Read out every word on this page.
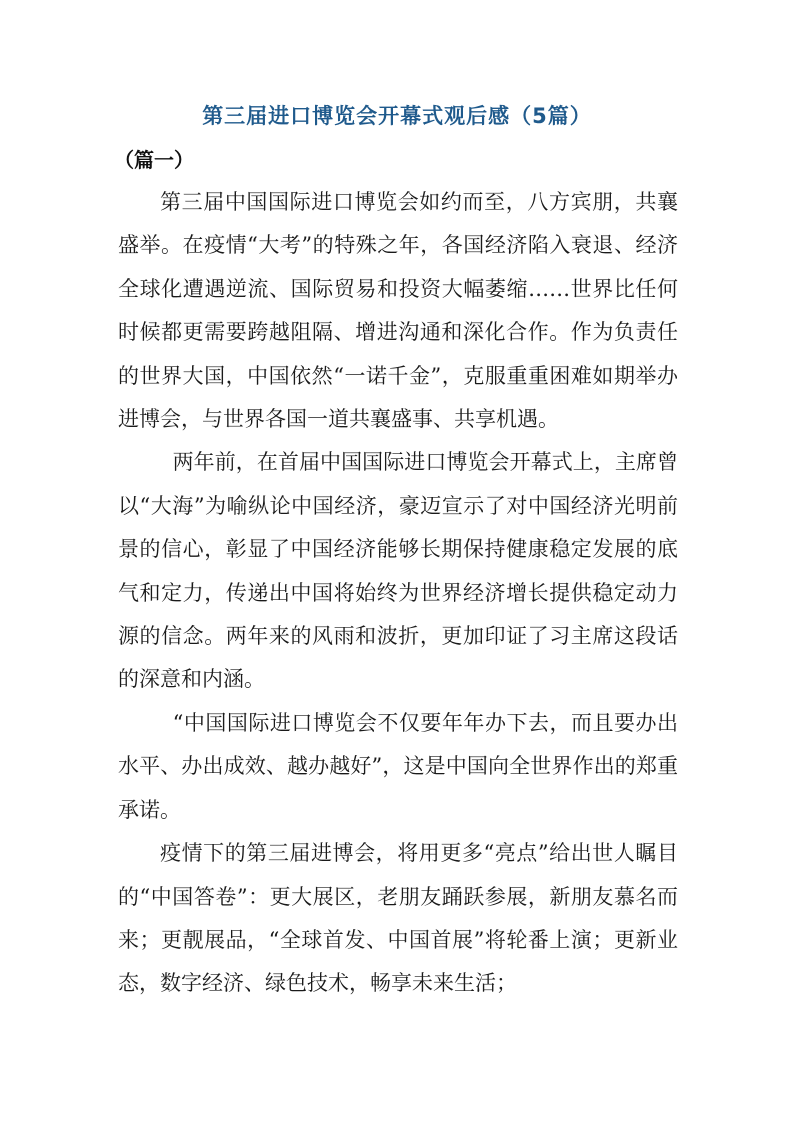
第三届进口博览会开幕式观后感（5篇）
（篇一）

第三届中国国际进口博览会如约而至，八方宾朋，共襄盛举。在疫情“大考”的特殊之年，各国经济陷入衰退、经济全球化遭遇逆流、国际贸易和投资大幅萎缩……世界比任何时候都更需要跨越阻隔、增进沟通和深化合作。作为负责任的世界大国，中国依然“一诺千金”，克服重重困难如期举办进博会，与世界各国一道共襄盛事、共享机遇。

两年前，在首届中国国际进口博览会开幕式上，主席曾以“大海”为喻纵论中国经济，豪迈宣示了对中国经济光明前景的信心，彰显了中国经济能够长期保持健康稳定发展的底气和定力，传递出中国将始终为世界经济增长提供稳定动力源的信念。两年来的风雨和波折，更加印证了习主席这段话的深意和内涵。

“中国国际进口博览会不仅要年年办下去，而且要办出水平、办出成效、越办越好”，这是中国向全世界作出的郑重承诺。

疫情下的第三届进博会，将用更多“亮点”给出世人瞩目的“中国答卷”：更大展区，老朋友踊跃参展，新朋友慕名而来；更靓展品，“全球首发、中国首展”将轮番上演；更新业态，数字经济、绿色技术，畅享未来生活；
